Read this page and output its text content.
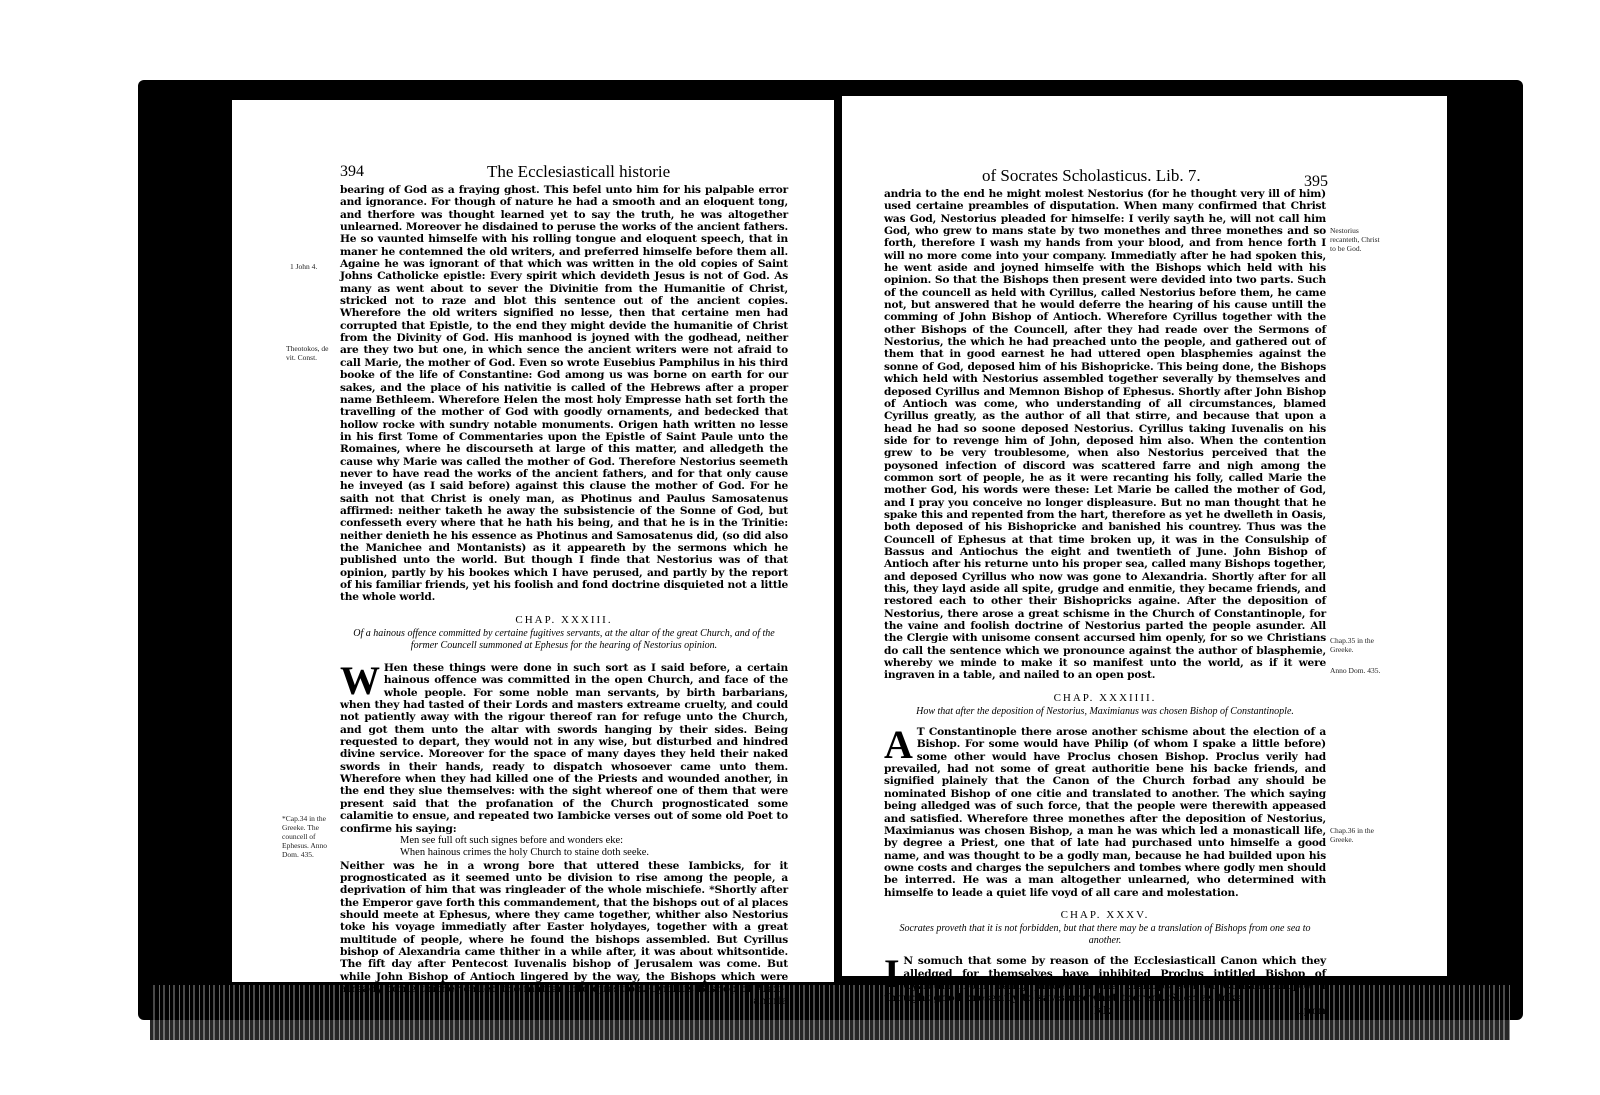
394	The Ecclesiasticall historie

bearing of God as a fraying ghost. This befel unto him for his palpable error and ignorance. For though of nature he had a smooth and an eloquent tong, and therfore was thought learned yet to say the truth, he was altogether unlearned. Moreover he disdained to peruse the works of the ancient fathers. He so vaunted himselfe with his rolling tongue and eloquent speech, that in maner he contemned the old writers, and preferred himselfe before them all. Againe he was ignorant of that which was written in the old copies of Saint Johns Catholicke epistle: Every spirit which devideth Jesus is not of God. As many as went about to sever the Divinitie from the Humanitie of Christ, stricked not to raze and blot this sentence out of the ancient copies. Wherefore the old writers signified no lesse, then that certaine men had corrupted that Epistle, to the end they might devide the humanitie of Christ from the Divinity of God. His manhood is joyned with the godhead, neither are they two but one, in which sence the ancient writers were not afraid to call Marie, the mother of God. Even so wrote Eusebius Pamphilus in his third booke of the life of Constantine: God among us was borne on earth for our sakes, and the place of his nativitie is called of the Hebrews after a proper name Bethleem. Wherefore Helen the most holy Empresse hath set forth the travelling of the mother of God with goodly ornaments, and bedecked that hollow rocke with sundry notable monuments. Origen hath written no lesse in his first Tome of Commentaries upon the Epistle of Saint Paule unto the Romaines, where he discourseth at large of this matter, and alledgeth the cause why Marie was called the mother of God. Therefore Nestorius seemeth never to have read the works of the ancient fathers, and for that only cause he inveyed (as I said before) against this clause the mother of God. For he saith not that Christ is onely man, as Photinus and Paulus Samosatenus affirmed: neither taketh he away the subsistencie of the Sonne of God, but confesseth every where that he hath his being, and that he is in the Trinitie: neither denieth he his essence as Photinus and Samosatenus did, (so did also the Manichee and Montanists) as it appeareth by the sermons which he published unto the world. But though I finde that Nestorius was of that opinion, partly by his bookes which I have perused, and partly by the report of his familiar friends, yet his foolish and fond doctrine disquieted not a little the whole world.

CHAP. XXXIII.
Of a hainous offence committed by certaine fugitives servants, at the altar of the great Church, and of the former Councell summoned at Ephesus for the hearing of Nestorius opinion.

W Hen these things were done in such sort as I said before, a certain hainous offence was committed in the open Church, and face of the whole people. For some noble man servants, by birth barbarians, when they had tasted of their Lords and masters extreame cruelty, and could not patiently away with the rigour thereof ran for refuge unto the Church, and got them unto the altar with swords hanging by their sides. Being requested to depart, they would not in any wise, but disturbed and hindred divine service. Moreover for the space of many dayes they held their naked swords in their hands, ready to dispatch whosoever came unto them. Wherefore when they had killed one of the Priests and wounded another, in the end they slue themselves: with the sight whereof one of them that were present said that the profanation of the Church prognosticated some calamitie to ensue, and repeated two Iambicke verses out of some old Poet to confirme his saying:

Men see full oft such signes before and wonders eke:
When hainous crimes the holy Church to staine doth seeke.

Neither was he in a wrong bore that uttered these Iambicks, for it prognosticated as it seemed unto be division to rise among the people, a deprivation of him that was ringleader of the whole mischiefe. *Shortly after the Emperor gave forth this commandement, that the bishops out of al places should meete at Ephesus, where they came together, whither also Nestorius toke his voyage immediatly after Easter holydayes, together with a great multitude of people, where he found the bishops assembled. But Cyrillus bishop of Alexandria came thither in a while after, it was about whitsontide. The fift day after Pentecost Iuvenalis bishop of Jerusalem was come. But while John Bishop of Antioch lingered by the way, the Bishops which were already come thither called the matter into question. Cyrillus Bishop of Alex-

andria
1 John 4.
Theotokos, de vit. Const.
*Cap.34 in the Greeke. The councell of Ephesus. Anno Dom. 435.
of Socrates Scholasticus. Lib. 7.	395

andria to the end he might molest Nestorius (for he thought very ill of him) used certaine preambles of disputation. When many confirmed that Christ was God, Nestorius pleaded for himselfe: I verily sayth he, will not call him God, who grew to mans state by two monethes and three monethes and so forth, therefore I wash my hands from your blood, and from hence forth I will no more come into your company. Immediatly after he had spoken this, he went aside and joyned himselfe with the Bishops which held with his opinion. So that the Bishops then present were devided into two parts. Such of the councell as held with Cyrillus, called Nestorius before them, he came not, but answered that he would deferre the hearing of his cause untill the comming of John Bishop of Antioch. Wherefore Cyrillus together with the other Bishops of the Councell, after they had reade over the Sermons of Nestorius, the which he had preached unto the people, and gathered out of them that in good earnest he had uttered open blasphemies against the sonne of God, deposed him of his Bishopricke. This being done, the Bishops which held with Nestorius assembled together severally by themselves and deposed Cyrillus and Memnon Bishop of Ephesus. Shortly after John Bishop of Antioch was come, who understanding of all circumstances, blamed Cyrillus greatly, as the author of all that stirre, and because that upon a head he had so soone deposed Nestorius. Cyrillus taking Iuvenalis on his side for to revenge him of John, deposed him also. When the contention grew to be very troublesome, when also Nestorius perceived that the poysoned infection of discord was scattered farre and nigh among the common sort of people, he as it were recanting his folly, called Marie the mother God, his words were these: Let Marie be called the mother of God, and I pray you conceive no longer displeasure. But no man thought that he spake this and repented from the hart, therefore as yet he dwelleth in Oasis, both deposed of his Bishopricke and banished his countrey. Thus was the Councell of Ephesus at that time broken up, it was in the Consulship of Bassus and Antiochus the eight and twentieth of June. John Bishop of Antioch after his returne unto his proper sea, called many Bishops together, and deposed Cyrillus who now was gone to Alexandria. Shortly after for all this, they layd aside all spite, grudge and enmitie, they became friends, and restored each to other their Bishopricks againe. After the deposition of Nestorius, there arose a great schisme in the Church of Constantinople, for the vaine and foolish doctrine of Nestorius parted the people asunder. All the Clergie with unisome consent accursed him openly, for so we Christians do call the sentence which we pronounce against the author of blasphemie, whereby we minde to make it so manifest unto the world, as if it were ingraven in a table, and nailed to an open post.

CHAP. XXXIIII.
How that after the deposition of Nestorius, Maximianus was chosen Bishop of Constantinople.

A T Constantinople there arose another schisme about the election of a Bishop. For some would have Philip (of whom I spake a little before) some other would have Proclus chosen Bishop. Proclus verily had prevailed, had not some of great authoritie bene his backe friends, and signified plainely that the Canon of the Church forbad any should be nominated Bishop of one citie and translated to another. The which saying being alledged was of such force, that the people were therewith appeased and satisfied. Wherefore three monethes after the deposition of Nestorius, Maximianus was chosen Bishop, a man he was which led a monasticall life, by degree a Priest, one that of late had purchased unto himselfe a good name, and was thought to be a godly man, because he had builded upon his owne costs and charges the sepulchers and tombes where godly men should be interred. He was a man altogether unlearned, who determined with himselfe to leade a quiet life voyd of all care and molestation.

CHAP. XXXV.
Socrates proveth that it is not forbidden, but that there may be a translation of Bishops from one sea to another.

I N somuch that some by reason of the Ecclesiasticall Canon which they alledged for themselves have inhibited Proclus intitled Bishop of Cyzicum from being placed in the Bishops sea of Constantinople, I thought good presently to say somewhat thereof. Such as toke

Kk	upon
Nestorius recanteth, Christ to be God.
Chap.35 in the Greeke.
Anno Dom. 435.
Chap.36 in the Greeke.
